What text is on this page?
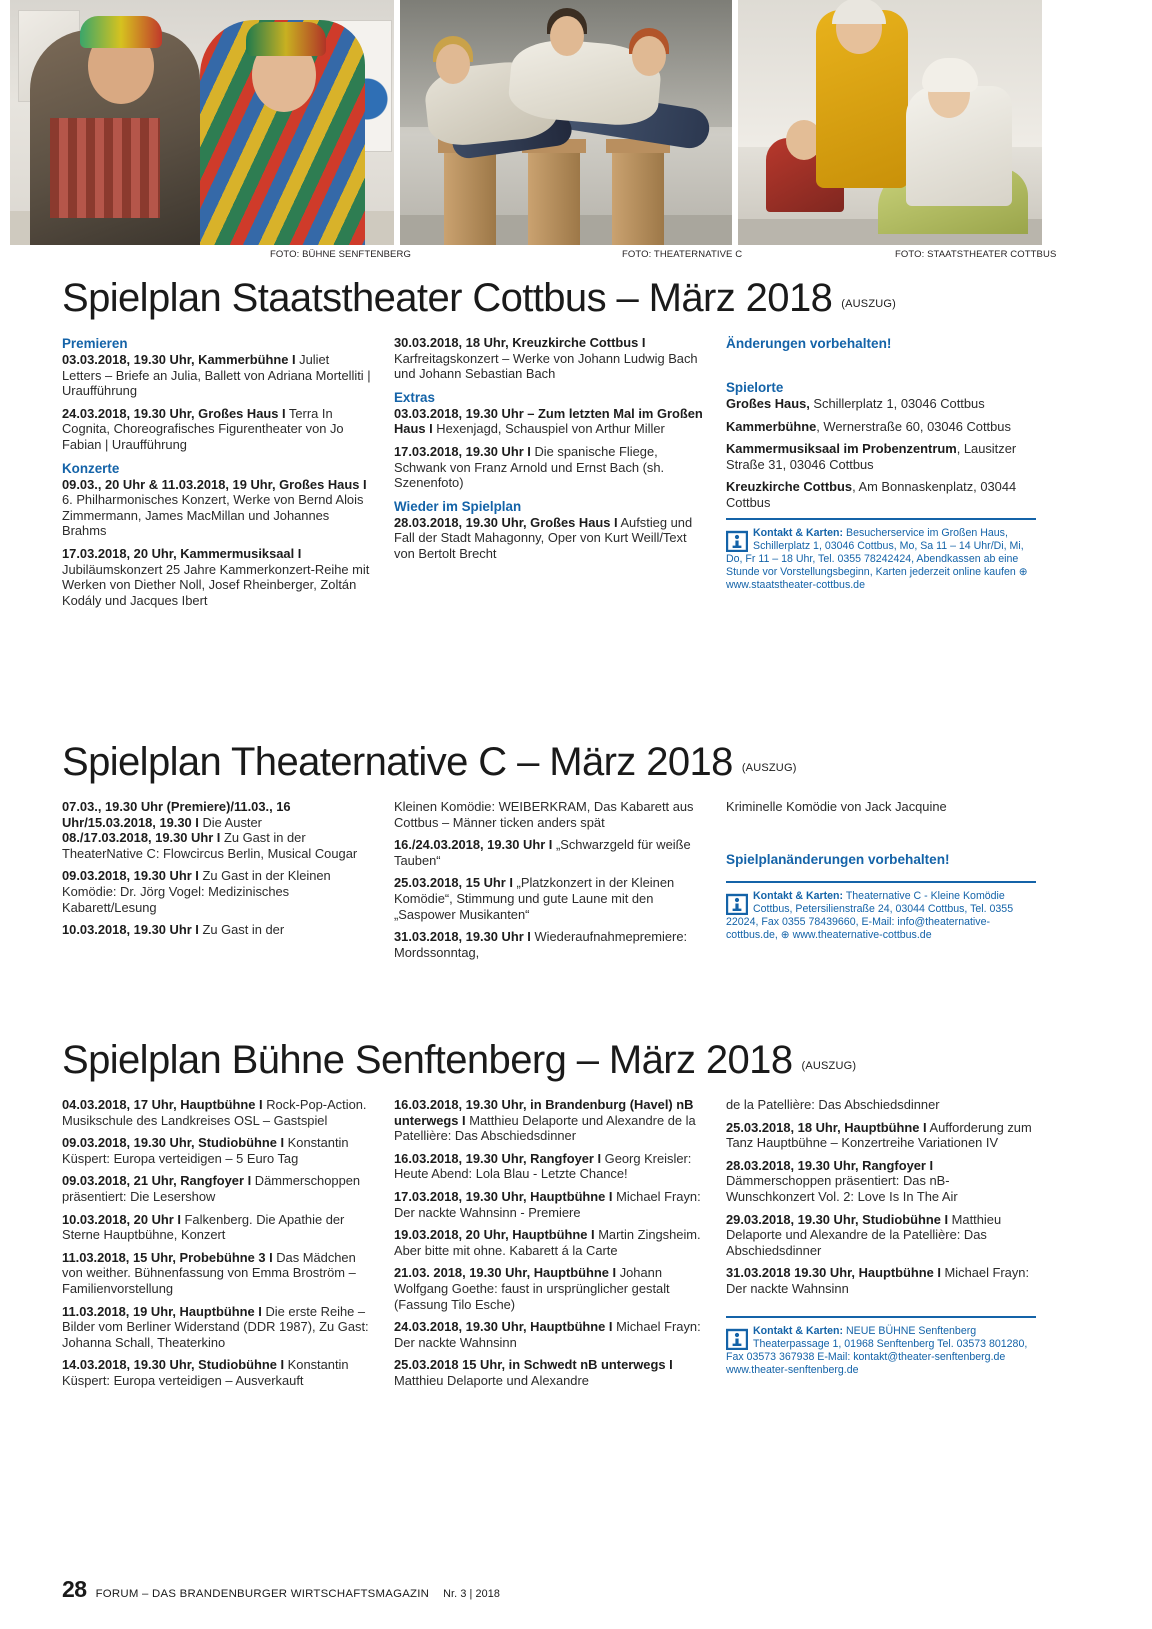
FOTO: BÜHNE SENFTENBERG	FOTO: THEATERNATIVE C	FOTO: STAATSTHEATER COTTBUS
Spielplan Staatstheater Cottbus – März 2018 (AUSZUG)
Premieren

03.03.2018, 19.30 Uhr, Kammerbühne I Juliet Letters – Briefe an Julia, Ballett von Adriana Mortelliti | Uraufführung

24.03.2018, 19.30 Uhr, Großes Haus I Terra In Cognita, Choreografisches Figurentheater von Jo Fabian | Uraufführung

Konzerte

09.03., 20 Uhr & 11.03.2018, 19 Uhr, Großes Haus I 6. Philharmonisches Konzert, Werke von Bernd Alois Zimmermann, James MacMillan und Johannes Brahms

17.03.2018, 20 Uhr, Kammermusiksaal I Jubiläumskonzert 25 Jahre Kammerkonzert-Reihe mit Werken von Diether Noll, Josef Rheinberger, Zoltán Kodály und Jacques Ibert

30.03.2018, 18 Uhr, Kreuzkirche Cottbus I Karfreitagskonzert – Werke von Johann Ludwig Bach und Johann Sebastian Bach

Extras

03.03.2018, 19.30 Uhr – Zum letzten Mal im Großen Haus I Hexenjagd, Schauspiel von Arthur Miller

17.03.2018, 19.30 Uhr I Die spanische Fliege, Schwank von Franz Arnold und Ernst Bach (sh. Szenenfoto)

Wieder im Spielplan

28.03.2018, 19.30 Uhr, Großes Haus I Aufstieg und Fall der Stadt Mahagonny, Oper von Kurt Weill/Text von Bertolt Brecht

Änderungen vorbehalten!
Spielorte

Großes Haus, Schillerplatz 1, 03046 Cottbus

Kammerbühne, Wernerstraße 60, 03046 Cottbus

Kammermusiksaal im Probenzentrum, Lausitzer Straße 31, 03046 Cottbus

Kreuzkirche Cottbus, Am Bonnaskenplatz, 03044 Cottbus

Kontakt & Karten: Besucherservice im Großen Haus, Schillerplatz 1, 03046 Cottbus, Mo, Sa 11 – 14 Uhr/Di, Mi, Do, Fr 11 – 18 Uhr, Tel. 0355 78242424, Abendkassen ab eine Stunde vor Vorstellungsbeginn, Karten jederzeit online kaufen ⊕ www.staatstheater-cottbus.de
Spielplan Theaternative C – März 2018 (AUSZUG)

07.03., 19.30 Uhr (Premiere)/11.03., 16 Uhr/15.03.2018, 19.30 I Die Auster

08./17.03.2018, 19.30 Uhr I Zu Gast in der TheaterNative C: Flowcircus Berlin, Musical Cougar

09.03.2018, 19.30 Uhr I Zu Gast in der Kleinen Komödie: Dr. Jörg Vogel: Medizinisches Kabarett/Lesung

10.03.2018, 19.30 Uhr I Zu Gast in der

Kleinen Komödie: WEIBERKRAM, Das Kabarett aus Cottbus – Männer ticken anders spät

16./24.03.2018, 19.30 Uhr I „Schwarzgeld für weiße Tauben“

25.03.2018, 15 Uhr I „Platzkonzert in der Kleinen Komödie“, Stimmung und gute Laune mit den „Saspower Musikanten“

31.03.2018, 19.30 Uhr I Wiederaufnahmepremiere: Mordssonntag,

Kriminelle Komödie von Jack Jacquine

Spielplanänderungen vorbehalten!
Kontakt & Karten: Theaternative C - Kleine Komödie Cottbus, Petersilienstraße 24, 03044 Cottbus, Tel. 0355 22024, Fax 0355 78439660, E-Mail: info@theaternative-cottbus.de, ⊕ www.theaternative-cottbus.de
Spielplan Bühne Senftenberg – März 2018 (AUSZUG)

04.03.2018, 17 Uhr, Hauptbühne I Rock-Pop-Action. Musikschule des Landkreises OSL – Gastspiel

09.03.2018, 19.30 Uhr, Studiobühne I Konstantin Küspert: Europa verteidigen – 5 Euro Tag

09.03.2018, 21 Uhr, Rangfoyer I Dämmerschoppen präsentiert: Die Lesershow

10.03.2018, 20 Uhr I Falkenberg. Die Apathie der Sterne Hauptbühne, Konzert

11.03.2018, 15 Uhr, Probebühne 3 I Das Mädchen von weither. Bühnenfassung von Emma Broström – Familienvorstellung

11.03.2018, 19 Uhr, Hauptbühne I Die erste Reihe – Bilder vom Berliner Widerstand (DDR 1987), Zu Gast: Johanna Schall, Theaterkino

14.03.2018, 19.30 Uhr, Studiobühne I Konstantin Küspert: Europa verteidigen – Ausverkauft

16.03.2018, 19.30 Uhr, in Brandenburg (Havel) nB unterwegs I Matthieu Delaporte und Alexandre de la Patellière: Das Abschiedsdinner

16.03.2018, 19.30 Uhr, Rangfoyer I Georg Kreisler: Heute Abend: Lola Blau - Letzte Chance!

17.03.2018, 19.30 Uhr, Hauptbühne I Michael Frayn: Der nackte Wahnsinn - Premiere

19.03.2018, 20 Uhr, Hauptbühne I Martin Zingsheim. Aber bitte mit ohne. Kabarett á la Carte

21.03. 2018, 19.30 Uhr, Hauptbühne I Johann Wolfgang Goethe: faust in ursprünglicher gestalt (Fassung Tilo Esche)

24.03.2018, 19.30 Uhr, Hauptbühne I Michael Frayn: Der nackte Wahnsinn

25.03.2018 15 Uhr, in Schwedt nB unterwegs I Matthieu Delaporte und Alexandre

de la Patellière: Das Abschiedsdinner

25.03.2018, 18 Uhr, Hauptbühne I Aufforderung zum Tanz Hauptbühne – Konzertreihe Variationen IV

28.03.2018, 19.30 Uhr, Rangfoyer I Dämmerschoppen präsentiert: Das nB-Wunschkonzert Vol. 2: Love Is In The Air

29.03.2018, 19.30 Uhr, Studiobühne I Matthieu Delaporte und Alexandre de la Patellière: Das Abschiedsdinner

31.03.2018 19.30 Uhr, Hauptbühne I Michael Frayn: Der nackte Wahnsinn

Kontakt & Karten: NEUE BÜHNE Senftenberg Theaterpassage 1, 01968 Senftenberg Tel. 03573 801280, Fax 03573 367938 E-Mail: kontakt@theater-senftenberg.de www.theater-senftenberg.de
28 FORUM – DAS BRANDENBURGER WIRTSCHAFTSMAGAZIN Nr. 3 | 2018
